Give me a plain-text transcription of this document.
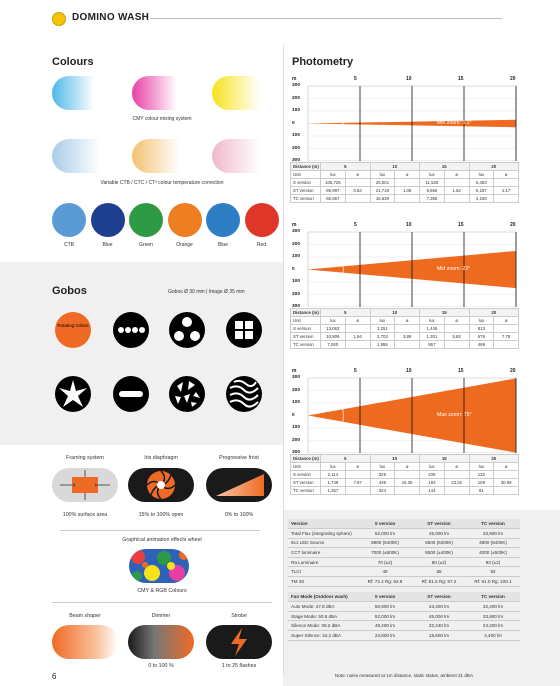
DOMINO WASH
Colours
CMY colour mixing system
Variable CTB / CTC / CT³ colour temperature correction
Gobos	Gobos Ø 30 mm | Image Ø 35 mm
Rotating Gobos
Framing system	Iris diaphragm	Progressive frost
100% surface area	15% to 100% open	0% to 100%
Graphical animation effects wheel
CMY & RGB Colours
Beam shaper	Dimmer	Strobe
0 to 100 %	1 to 25 flashes
6
Photometry
Version	S version	ST version	TC version
Total Flux (integrating sphere)	52,000 lm	45,000 lm	33,900 lm
6x1 LED Source	8900 (6400K)	6500 (6400K)	4800 (6400K)
CCT luminaire	7000 (±500K)	6500 (±400K)	4000 (±500K)
Ra Luminaire	70 (±2)	80 (±2)	93 (±2)
TLCI	49	65	92
TM 30	Rf: 72.2 Rg: 92.8	Rf: 81.5 Rg: 97.2	Rf: 91.0 Rg: 100.1

Fan Mode (Outdoor wash)	S version	ST version	TC version
Auto Mode: 47.8 dBA	50,800 lm	43,400 lm	32,400 lm
Stage Mode: 50.8 dBA	52,000 lm	45,000 lm	33,900 lm
Silence Mode: 39.2 dBA	49,200 lm	32,240 lm	24,200 lm
Super Silence: 34.2 dBA	23,800 lm	18,600 lm	4,400 lm
Note: noise measured at 1m distance, static status, ambient 31 dBA
CTB	Blue	Green	Orange	Blue	Red
m	5	10	15	20
300
200
100
0
100
200
300
Min zoom: 5.2°
Distance (m)	5		10		15		20	
Unit	lux	ø	lux	ø	lux	ø	lux	ø
S version	105,726		25,501		11,525		6,483	
ST version	86,997	0.54	21,718	1.08	9,666	1.62	5,187	2.17
TC version	66,557		16,639		7,395		4,160	
m	5	10	15	20
300
200
100
0
100
200
300
Mid zoom: 22°
Distance (m)	5		10		15		20	
Unit	lux	ø	lux	ø	lux	ø	lux	ø
S version	13,063		3,251		1,445		813	
ST version	10,809	1.94	2,703	3.89	1,201	5.83	676	7.78
TC version	7,920		1,955		867		499	
m	5	10	15	20
300
200
100
0
100
200
300
Max zoom: 75°
Distance (m)	5		10		15		20	
Unit	lux	ø	lux	ø	lux	ø	lux	ø
S version	2,114		325		235		132	
ST version	1,749	7.67	435	15.35	193	23.02	109	30.69
TC version	1,257		324		144		81	
